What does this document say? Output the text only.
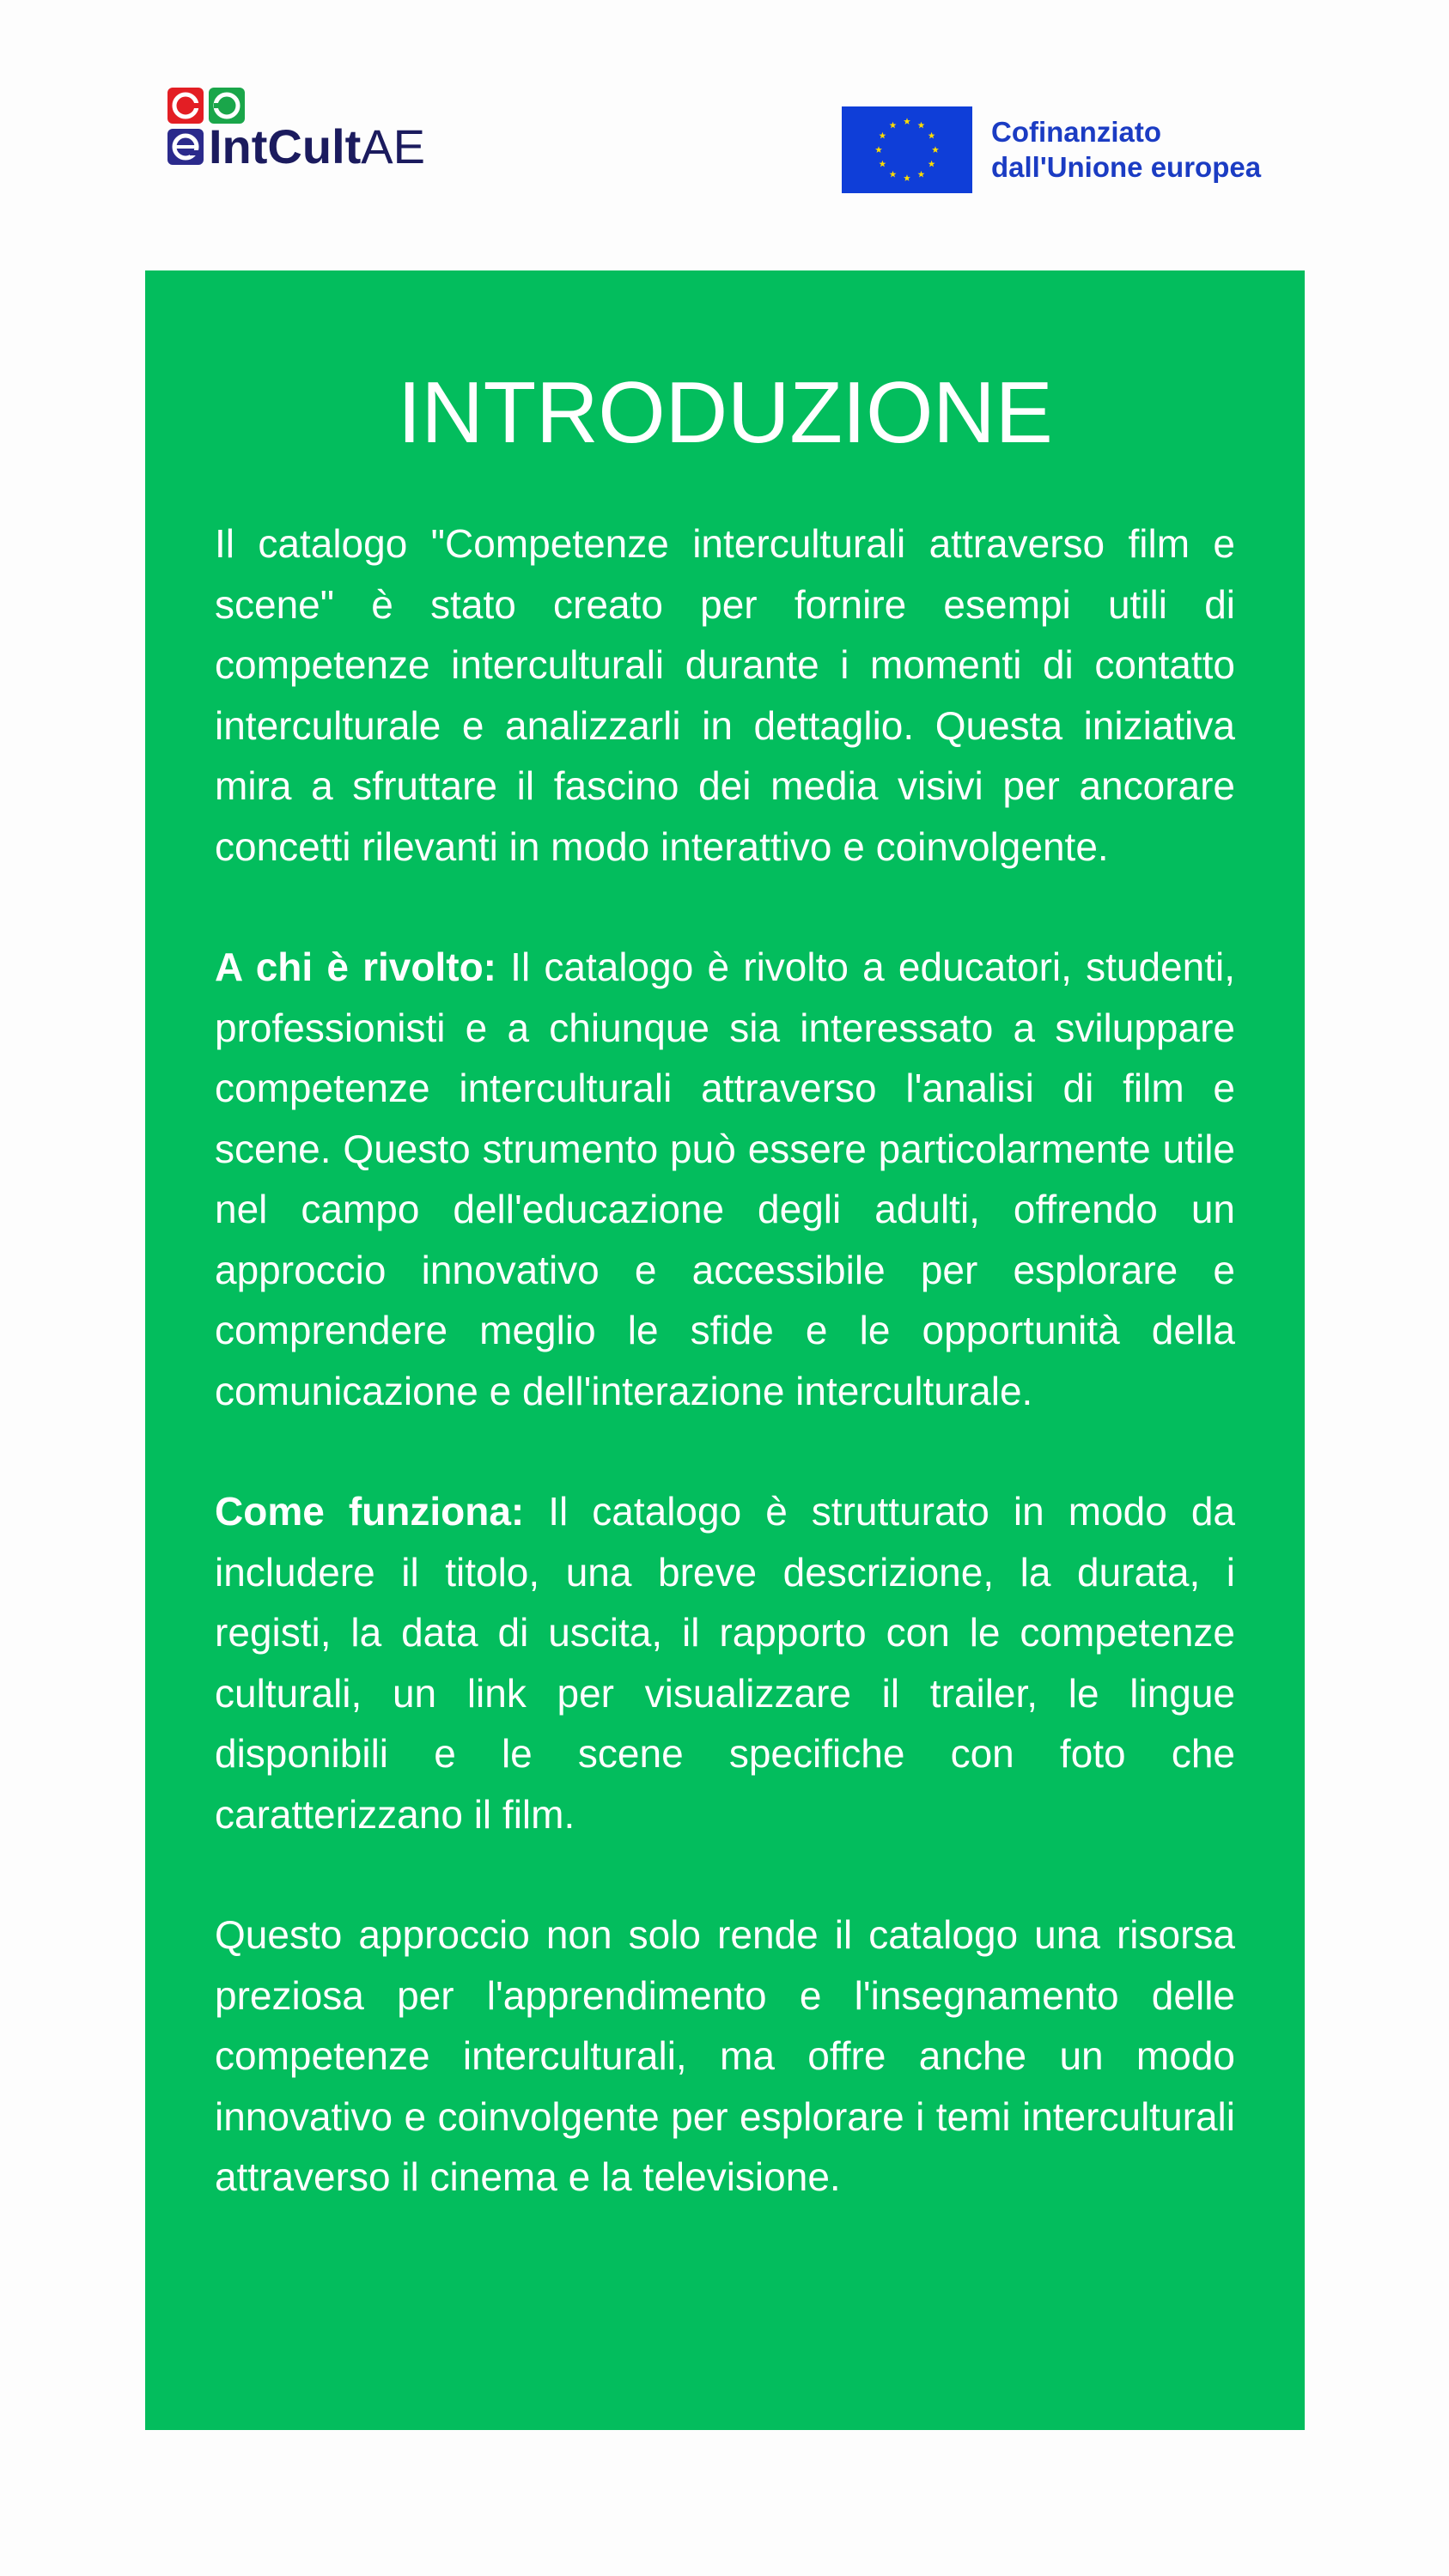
IntCultAE	Cofinanziato
dall'Unione europea
INTRODUZIONE

Il catalogo "Competenze interculturali attraverso film e scene" è stato creato per fornire esempi utili di competenze interculturali durante i momenti di contatto interculturale e analizzarli in dettaglio. Questa iniziativa mira a sfruttare il fascino dei media visivi per ancorare concetti rilevanti in modo interattivo e coinvolgente.

A chi è rivolto: Il catalogo è rivolto a educatori, studenti, professionisti e a chiunque sia interessato a sviluppare competenze interculturali attraverso l'analisi di film e scene. Questo strumento può essere particolarmente utile nel campo dell'educazione degli adulti, offrendo un approccio innovativo e accessibile per esplorare e comprendere meglio le sfide e le opportunità della comunicazione e dell'interazione interculturale.

Come funziona: Il catalogo è strutturato in modo da includere il titolo, una breve descrizione, la durata, i registi, la data di uscita, il rapporto con le competenze culturali, un link per visualizzare il trailer, le lingue disponibili e le scene specifiche con foto che caratterizzano il film.

Questo approccio non solo rende il catalogo una risorsa preziosa per l'apprendimento e l'insegnamento delle competenze interculturali, ma offre anche un modo innovativo e coinvolgente per esplorare i temi interculturali attraverso il cinema e la televisione.
